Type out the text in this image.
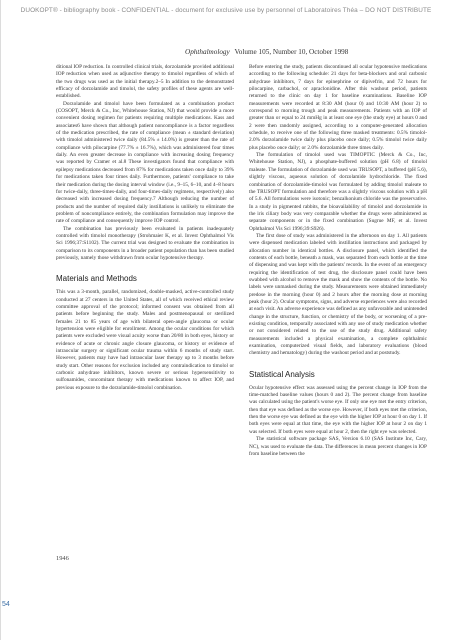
DUOKOPT® - bibliography book - CONFIDENTIAL - document for exclusive use by personnel of Laboratoires Théa – DO NOT DISTRIBUTE
Ophthalmology Volume 105, Number 10, October 1998

ditional IOP reduction. In controlled clinical trials, dorzolamide provided additional IOP reduction when used as adjunctive therapy to timolol regardless of which of the two drugs was used as the initial therapy.2–5 In addition to the demonstrated efficacy of dorzolamide and timolol, the safety profiles of these agents are well-established.

Dorzolamide and timolol have been formulated as a combination product (COSOPT, Merck & Co., Inc, Whitehouse Station, NJ) that would provide a more convenient dosing regimen for patients requiring multiple medications. Kass and associates6 have shown that although patient noncompliance is a factor regardless of the medication prescribed, the rate of compliance (mean ± standard deviation) with timolol administered twice daily (84.5% ± 14.0%) is greater than the rate of compliance with pilocarpine (77.7% ± 16.7%), which was administered four times daily. An even greater decrease in compliance with increasing dosing frequency was reported by Cramer et al.8 These investigators found that compliance with epilepsy medications decreased from 87% for medications taken once daily to 39% for medications taken four times daily. Furthermore, patients' compliance to take their medication during the dosing interval window (i.e., 9–15, 6–10, and 4–8 hours for twice-daily, three-times-daily, and four-times-daily regimens, respectively) also decreased with increased dosing frequency.7 Although reducing the number of products and the number of required daily instillations is unlikely to eliminate the problem of noncompliance entirely, the combination formulation may improve the rate of compliance and consequently improve IOP control.

The combination has previously been evaluated in patients inadequately controlled with timolol monotherapy (Strohmaier K, et al. Invest Ophthalmol Vis Sci 1996;37:S1102). The current trial was designed to evaluate the combination in comparison to its components in a broader patient population than has been studied previously, namely those withdrawn from ocular hypotensive therapy.

Materials and Methods

This was a 3-month, parallel, randomized, double-masked, active-controlled study conducted at 27 centers in the United States, all of which received ethical review committee approval of the protocol; informed consent was obtained from all patients before beginning the study. Males and postmenopausal or sterilized females 21 to 85 years of age with bilateral open-angle glaucoma or ocular hypertension were eligible for enrollment. Among the ocular conditions for which patients were excluded were visual acuity worse than 20/80 in both eyes, history or evidence of acute or chronic angle closure glaucoma, or history or evidence of intraocular surgery or significant ocular trauma within 6 months of study start. However, patients may have had intraocular laser therapy up to 3 months before study start. Other reasons for exclusion included any contraindication to timolol or carbonic anhydrase inhibitors, known severe or serious hypersensitivity to sulfonamides, concomitant therapy with medications known to affect IOP, and previous exposure to the dorzolamide-timolol combination.

Before entering the study, patients discontinued all ocular hypotensive medications according to the following schedule: 21 days for beta-blockers and oral carbonic anhydrase inhibitors, 7 days for epinephrine or dipivefrin, and 72 hours for pilocarpine, carbachol, or apraclonidine. After this washout period, patients returned to the clinic on day 1 for baseline examinations. Baseline IOP measurements were recorded at 8:30 AM (hour 0) and 10:30 AM (hour 2) to correspond to morning trough and peak measurements. Patients with an IOP of greater than or equal to 24 mmHg in at least one eye (the study eye) at hours 0 and 2 were then randomly assigned, according to a computer-generated allocation schedule, to receive one of the following three masked treatments: 0.5% timolol-2.0% dorzolamide twice daily plus placebo once daily; 0.5% timolol twice daily plus placebo once daily; or 2.0% dorzolamide three times daily.

The formulation of timolol used was TIMOPTIC (Merck & Co., Inc, Whitehouse Station, NJ), a phosphate-buffered solution (pH 6.8) of timolol maleate. The formulation of dorzolamide used was TRUSOPT, a buffered (pH 5.6), slightly viscous, aqueous solution of dorzolamide hydrochloride. The fixed combination of dorzolamide-timolol was formulated by adding timolol maleate to the TRUSOPT formulation and therefore was a slightly viscous solution with a pH of 5.6. All formulations were isotonic; benzalkonium chloride was the preservative. In a study in pigmented rabbits, the bioavailability of timolol and dorzolamide in the iris ciliary body was very comparable whether the drugs were administered as separate components or in the fixed combination (Sugrue MF, et al. Invest Ophthalmol Vis Sci 1996;39:S926).

The first dose of study was administered in the afternoon on day 1. All patients were dispensed medication labeled with instillation instructions and packaged by allocation number in identical bottles. A disclosure panel, which identified the contents of each bottle, beneath a mask, was separated from each bottle at the time of dispensing and was kept with the patients' records. In the event of an emergency requiring the identification of test drug, the disclosure panel could have been swabbed with alcohol to remove the mask and show the contents of the bottle. No labels were unmasked during the study. Measurements were obtained immediately predose in the morning (hour 0) and 2 hours after the morning dose at morning peak (hour 2). Ocular symptoms, signs, and adverse experiences were also recorded at each visit. An adverse experience was defined as any unfavorable and unintended change in the structure, function, or chemistry of the body, or worsening of a pre-existing condition, temporally associated with any use of study medication whether or not considered related to the use of the study drug. Additional safety measurements included a physical examination, a complete ophthalmic examination, computerized visual fields, and laboratory evaluations (blood chemistry and hematology) during the washout period and at poststudy.

Statistical Analysis

Ocular hypotensive effect was assessed using the percent change in IOP from the time-matched baseline values (hours 0 and 2). The percent change from baseline was calculated using the patient's worse eye. If only one eye met the entry criterion, then that eye was defined as the worse eye. However, if both eyes met the criterion, then the worse eye was defined as the eye with the higher IOP at hour 0 on day 1. If both eyes were equal at that time, the eye with the higher IOP at hour 2 on day 1 was selected. If both eyes were equal at hour 2, then the right eye was selected.

The statistical software package SAS, Version 6.10 (SAS Institute Inc, Cary, NC), was used to evaluate the data. The differences in mean percent changes in IOP from baseline between the

1946
54
